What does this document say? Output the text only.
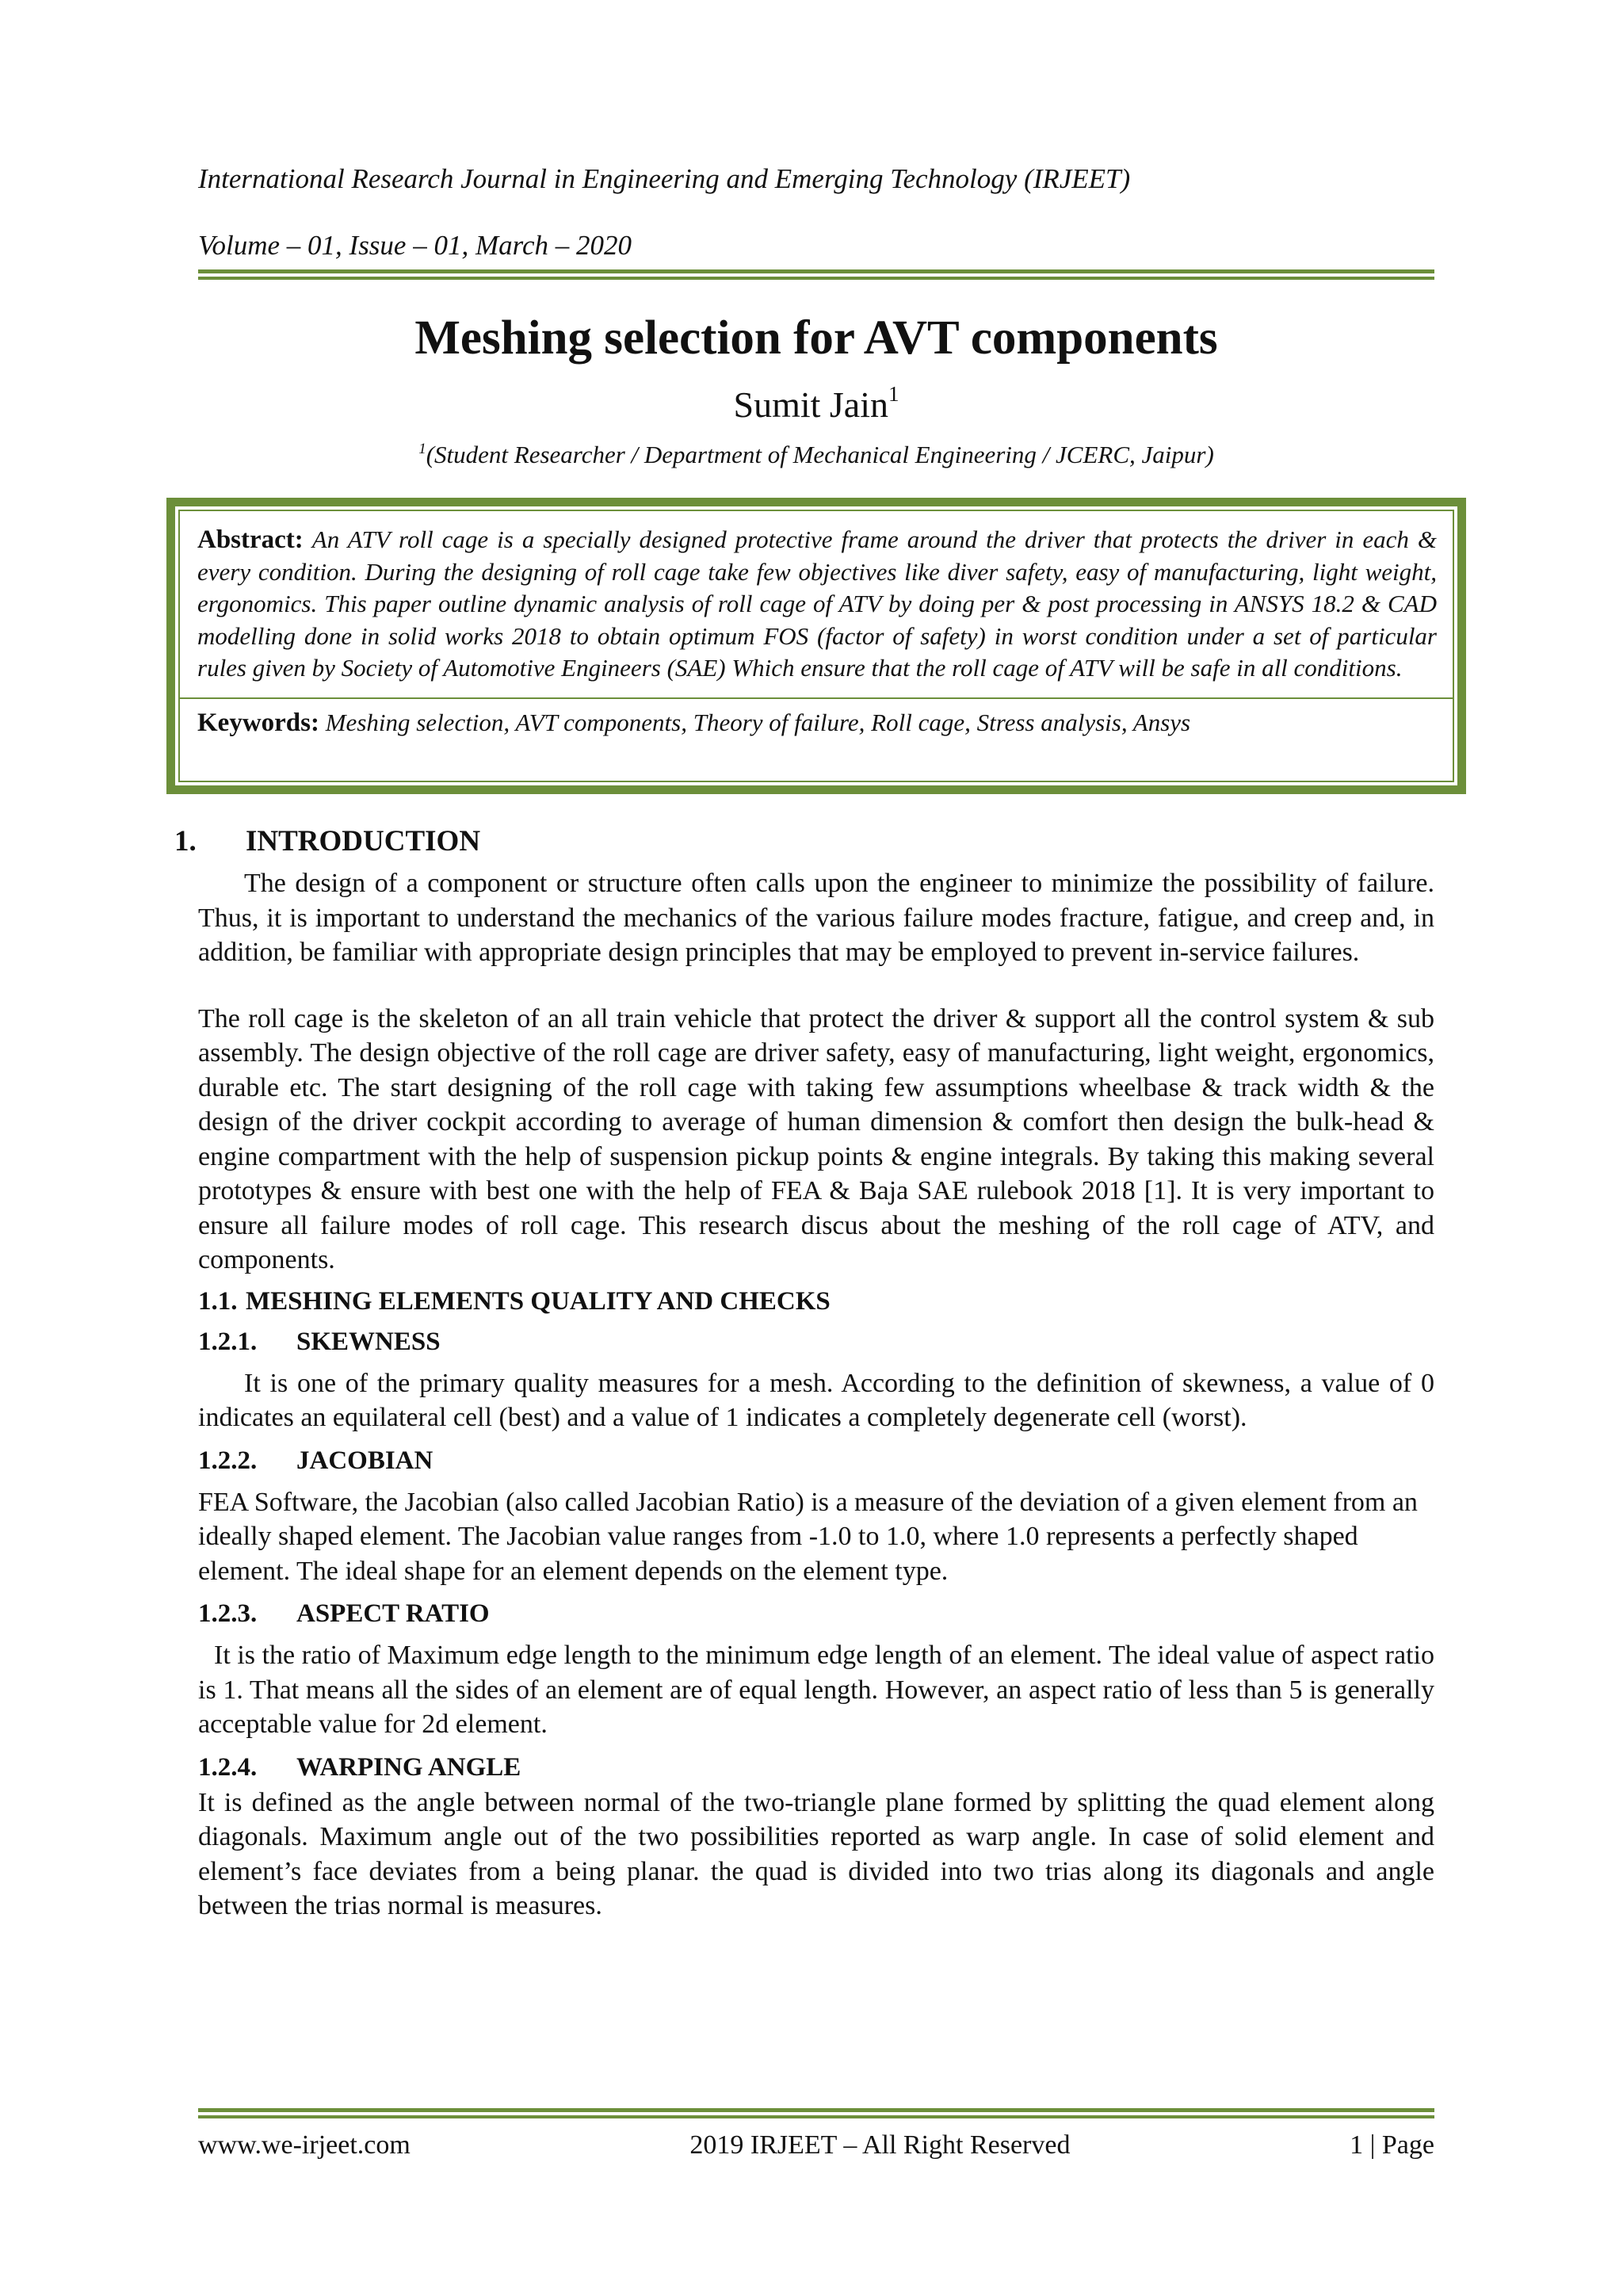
International Research Journal in Engineering and Emerging Technology (IRJEET)
Volume – 01, Issue – 01, March – 2020
Meshing selection for AVT components
Sumit Jain$^1$
$^1$(Student Researcher / Department of Mechanical Engineering / JCERC, Jaipur)

Abstract: An ATV roll cage is a specially designed protective frame around the driver that protects the driver in each & every condition. During the designing of roll cage take few objectives like diver safety, easy of manufacturing, light weight, ergonomics. This paper outline dynamic analysis of roll cage of ATV by doing per & post processing in ANSYS 18.2 & CAD modelling done in solid works 2018 to obtain optimum FOS (factor of safety) in worst condition under a set of particular rules given by Society of Automotive Engineers (SAE) Which ensure that the roll cage of ATV will be safe in all conditions.

Keywords: Meshing selection, AVT components, Theory of failure, Roll cage, Stress analysis, Ansys
1.	INTRODUCTION

The design of a component or structure often calls upon the engineer to minimize the possibility of failure. Thus, it is important to understand the mechanics of the various failure modes fracture, fatigue, and creep and, in addition, be familiar with appropriate design principles that may be employed to prevent in-service failures.

The roll cage is the skeleton of an all train vehicle that protect the driver & support all the control system & sub assembly. The design objective of the roll cage are driver safety, easy of manufacturing, light weight, ergonomics, durable etc. The start designing of the roll cage with taking few assumptions wheelbase & track width & the design of the driver cockpit according to average of human dimension & comfort then design the bulk-head & engine compartment with the help of suspension pickup points & engine integrals. By taking this making several prototypes & ensure with best one with the help of FEA & Baja SAE rulebook 2018 [1]. It is very important to ensure all failure modes of roll cage. This research discus about the meshing of the roll cage of ATV, and components.

1.1. MESHING ELEMENTS QUALITY AND CHECKS
1.2.1.	SKEWNESS

It is one of the primary quality measures for a mesh. According to the definition of skewness, a value of 0 indicates an equilateral cell (best) and a value of 1 indicates a completely degenerate cell (worst).

1.2.2.	JACOBIAN

FEA Software, the Jacobian (also called Jacobian Ratio) is a measure of the deviation of a given element from an ideally shaped element. The Jacobian value ranges from -1.0 to 1.0, where 1.0 represents a perfectly shaped element. The ideal shape for an element depends on the element type.

1.2.3.	ASPECT RATIO

It is the ratio of Maximum edge length to the minimum edge length of an element. The ideal value of aspect ratio is 1. That means all the sides of an element are of equal length. However, an aspect ratio of less than 5 is generally acceptable value for 2d element.

1.2.4.	WARPING ANGLE

It is defined as the angle between normal of the two-triangle plane formed by splitting the quad element along diagonals. Maximum angle out of the two possibilities reported as warp angle. In case of solid element and element’s face deviates from a being planar. the quad is divided into two trias along its diagonals and angle between the trias normal is measures.

www.we-irjeet.com	2019 IRJEET – All Right Reserved	1 | Page
